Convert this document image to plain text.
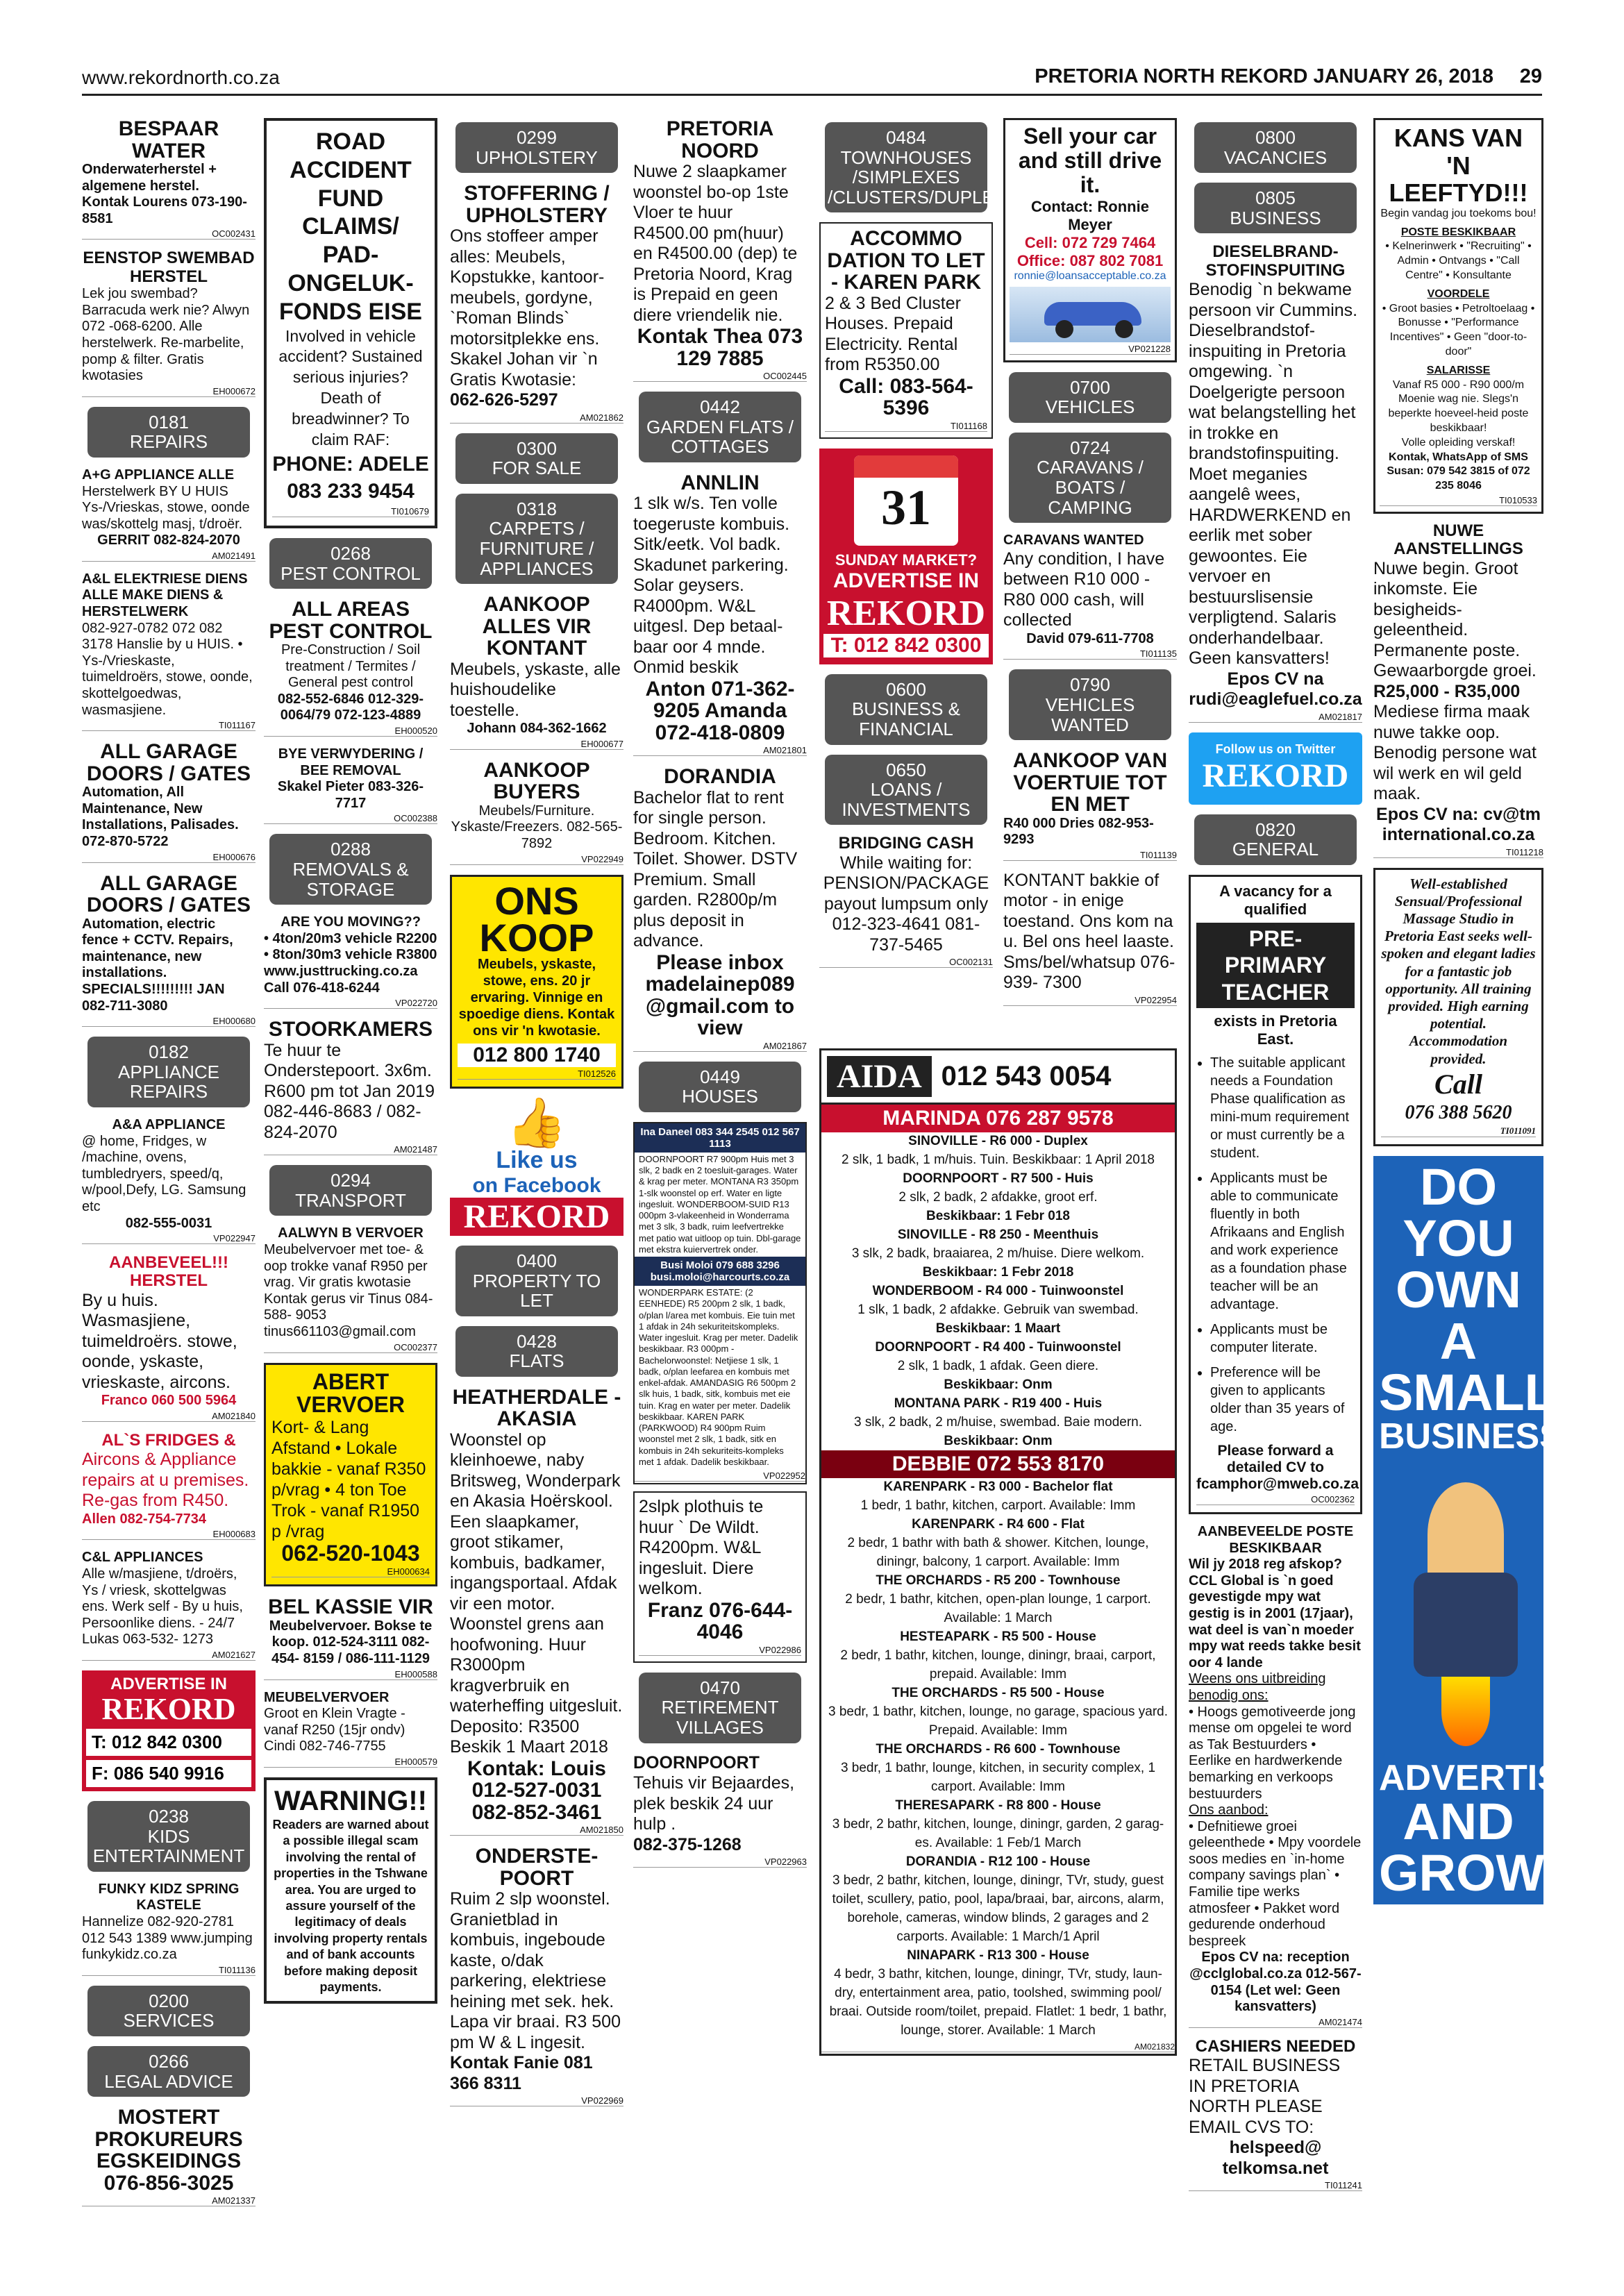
www.rekordnorth.co.za	PRETORIA NORTH REKORD JANUARY 26, 2018 29
BESPAAR WATER

Onderwaterherstel + algemene herstel.

Kontak Lourens 073-190-8581

OC002431
EENSTOP SWEMBAD HERSTEL

Lek jou swembad? Barracuda werk nie? Alwyn 072 -068-6200. Alle herstelwerk. Re-marbelite, pomp & filter. Gratis kwotasies

EH000672
0181
REPAIRS

A+G APPLIANCE ALLE

Herstelwerk BY U HUIS Ys-/Vrieskas, stowe, oonde was/skottelg masj, t/droër.

GERRIT 082-824-2070

AM021491

A&L ELEKTRIESE DIENS ALLE MAKE DIENS & HERSTELWERK

082-927-0782 072 082 3178 Hanslie by u HUIS. • Ys-/Vrieskaste, tuimeldroërs, stowe, oonde, skottelgoedwas, wasmasjiene.

TI011167
ALL GARAGE DOORS / GATES

Automation, All Maintenance, New Installations, Palisades. 072-870-5722

EH000676
ALL GARAGE DOORS / GATES

Automation, electric fence + CCTV. Repairs, maintenance, new installations. SPECIALS!!!!!!!!! JAN 082-711-3080

EH000680
0182
APPLIANCE REPAIRS

A&A APPLIANCE

@ home, Fridges, w /machine, ovens, tumbledryers, speed/q, w/pool,Defy, LG. Samsung etc

082-555-0031

VP022947
AANBEVEEL!!! HERSTEL

By u huis. Wasmasjiene, tuimeldroërs. stowe, oonde, yskaste, vrieskaste, aircons.

Franco 060 500 5964

AM021840
AL`S FRIDGES &

Aircons & Appliance repairs at u premises. Re-gas from R450.

Allen 082-754-7734

EH000683

C&L APPLIANCES

Alle w/masjiene, t/droërs, Ys / vriesk, skottelgwas ens. Werk self - By u huis, Persoonlike diens. - 24/7 Lukas 063-532- 1273

AM021627
ADVERTISE IN
REKORD
T: 012 842 0300
F: 086 540 9916
0238
KIDS ENTERTAINMENT

FUNKY KIDZ SPRING KASTELE

Hannelize 082-920-2781 012 543 1389 www.jumping funkykidz.co.za

TI011136
0200
SERVICES
0266
LEGAL ADVICE
MOSTERT PROKUREURS EGSKEIDINGS
076-856-3025
AM021337
ROAD ACCIDENT FUND CLAIMS/ PAD-ONGELUK-FONDS EISE

Involved in vehicle accident? Sustained serious injuries? Death of breadwinner? To claim RAF:

PHONE: ADELE

083 233 9454

TI010679
0268
PEST CONTROL
ALL AREAS PEST CONTROL

Pre-Construction / Soil treatment / Termites / General pest control

082-552-6846 012-329-0064/79 072-123-4889

EH000520

BYE VERWYDERING / BEE REMOVAL

Skakel Pieter 083-326-7717

OC002388
0288
REMOVALS & STORAGE

ARE YOU MOVING??

• 4ton/20m3 vehicle R2200 • 8ton/30m3 vehicle R3800 www.justtrucking.co.za Call 076-418-6244

VP022720
STOORKAMERS

Te huur te Onderstepoort. 3x6m. R600 pm tot Jan 2019 082-446-8683 / 082-824-2070

AM021487
0294
TRANSPORT

AALWYN B VERVOER

Meubelvervoer met toe- & oop trokke vanaf R950 per vrag. Vir gratis kwotasie Kontak gerus vir Tinus 084-588- 9053 tinus661103@gmail.com

OC002377
ABERT VERVOER

Kort- & Lang Afstand • Lokale bakkie - vanaf R350 p/vrag • 4 ton Toe Trok - vanaf R1950 p /vrag

062-520-1043
EH000634
BEL KASSIE VIR

Meubelvervoer. Bokse te koop. 012-524-3111 082-454- 8159 / 086-111-1129

EH000588

MEUBELVERVOER

Groot en Klein Vragte - vanaf R250 (15jr ondv) Cindi 082-746-7755

EH000579
WARNING!!

Readers are warned about a possible illegal scam involving the rental of properties in the Tshwane area. You are urged to assure yourself of the legitimacy of deals involving property rentals and of bank accounts before making deposit payments.

0299
UPHOLSTERY
STOFFERING / UPHOLSTERY

Ons stoffeer amper alles: Meubels, Kopstukke, kantoor-meubels, gordyne, `Roman Blinds` motorsitplekke ens. Skakel Johan vir `n Gratis Kwotasie:

062-626-5297

AM021862
0300
FOR SALE
0318
CARPETS / FURNITURE / APPLIANCES
AANKOOP ALLES VIR KONTANT

Meubels, yskaste, alle huishoudelike toestelle.

Johann 084-362-1662

EH000677
AANKOOP BUYERS

Meubels/Furniture. Yskaste/Freezers. 082-565- 7892

VP022949
ONS KOOP

Meubels, yskaste, stowe, ens. 20 jr ervaring. Vinnige en spoedige diens. Kontak ons vir 'n kwotasie.

012 800 1740
TI012526
👍
Like us
on Facebook
REKORD
0400
PROPERTY TO LET
0428
FLATS
HEATHERDALE - AKASIA

Woonstel op kleinhoewe, naby Britsweg, Wonderpark en Akasia Hoërskool. Een slaapkamer, groot stikamer, kombuis, badkamer, ingangsportaal. Afdak vir een motor. Woonstel grens aan hoofwoning. Huur R3000pm kragverbruik en waterheffing uitgesluit. Deposito: R3500 Beskik 1 Maart 2018

Kontak: Louis 012-527-0031 082-852-3461
AM021850
ONDERSTE-POORT

Ruim 2 slp woonstel. Granietblad in kombuis, ingeboude kaste, o/dak parkering, elektriese heining met sek. hek. Lapa vir braai. R3 500 pm W & L ingesit.

Kontak Fanie 081 366 8311

VP022969
PRETORIA NOORD

Nuwe 2 slaapkamer woonstel bo-op 1ste Vloer te huur R4500.00 pm(huur) en R4500.00 (dep) te Pretoria Noord, Krag is Prepaid en geen diere vriendelik nie.

Kontak Thea 073 129 7885
OC002445
0442
GARDEN FLATS / COTTAGES
ANNLIN

1 slk w/s. Ten volle toegeruste kombuis. Sitk/eetk. Vol badk. Skadunet parkering. Solar geysers. R4000pm. W&L uitgesl. Dep betaal-baar oor 4 mnde. Onmid beskik

Anton 071-362-9205 Amanda 072-418-0809
AM021801
DORANDIA

Bachelor flat to rent for single person. Bedroom. Kitchen. Toilet. Shower. DSTV Premium. Small garden. R2800p/m plus deposit in advance.

Please inbox madelainep089 @gmail.com to view
AM021867
0449
HOUSES
Ina Daneel 083 344 2545 012 567 1113

DOORNPOORT R7 900pm Huis met 3 slk, 2 badk en 2 toesluit-garages. Water & krag per meter. MONTANA R3 350pm 1-slk woonstel op erf. Water en ligte ingesluit. WONDERBOOM-SUID R13 000pm 3-vlakeenheid in Wonderrama met 3 slk, 3 badk, ruim leefvertrekke met patio wat uitloop op tuin. Dbl-garage met ekstra kuiervertrek onder.

Busi Moloi 079 688 3296 busi.moloi@harcourts.co.za

WONDERPARK ESTATE: (2 EENHEDE) R5 200pm 2 slk, 1 badk, o/plan l/area met kombuis. Eie tuin met 1 afdak in 24h sekuriteitskompleks. Water ingesluit. Krag per meter. Dadelik beskikbaar. R3 000pm - Bachelorwoonstel: Netjiese 1 slk, 1 badk, o/plan leefarea en kombuis met enkel-afdak. AMANDASIG R6 500pm 2 slk huis, 1 badk, sitk, kombuis met eie tuin. Krag en water per meter. Dadelik beskikbaar. KAREN PARK (PARKWOOD) R4 900pm Ruim woonstel met 2 slk, 1 badk, sitk en kombuis in 24h sekuriteits-kompleks met 1 afdak. Dadelik beskikbaar.

VP022952

2slpk plothuis te huur ` De Wildt. R4200pm. W&L ingesluit. Diere welkom.

Franz 076-644-4046
VP022986
0470
RETIREMENT VILLAGES

DOORNPOORT

Tehuis vir Bejaardes, plek beskik 24 uur hulp .

082-375-1268

VP022963
0484
TOWNHOUSES /SIMPLEXES /CLUSTERS/DUPLEXES
ACCOMMO DATION TO LET - KAREN PARK

2 & 3 Bed Cluster Houses. Prepaid Electricity. Rental from R5350.00

Call: 083-564-5396
TI011168
31
SUNDAY MARKET?
ADVERTISE IN
REKORD
T: 012 842 0300
0600
BUSINESS & FINANCIAL
0650
LOANS / INVESTMENTS
BRIDGING CASH

While waiting for: PENSION/PACKAGE payout lumpsum only 012-323-4641 081-737-5465

OC002131
AIDA 012 543 0054
MARINDA 076 287 9578
SINOVILLE - R6 000 - Duplex
2 slk, 1 badk, 1 m/huis. Tuin. Beskikbaar: 1 April 2018
DOORNPOORT - R7 500 - Huis
2 slk, 2 badk, 2 afdakke, groot erf.
Beskikbaar: 1 Febr 018
SINOVILLE - R8 250 - Meenthuis
3 slk, 2 badk, braaiarea, 2 m/huise. Diere welkom.
Beskikbaar: 1 Febr 2018
WONDERBOOM - R4 000 - Tuinwoonstel
1 slk, 1 badk, 2 afdakke. Gebruik van swembad.
Beskikbaar: 1 Maart
DOORNPOORT - R4 400 - Tuinwoonstel
2 slk, 1 badk, 1 afdak. Geen diere.
Beskikbaar: Onm
MONTANA PARK - R19 400 - Huis
3 slk, 2 badk, 2 m/huise, swembad. Baie modern.
Beskikbaar: Onm
DEBBIE 072 553 8170
KARENPARK - R3 000 - Bachelor flat
1 bedr, 1 bathr, kitchen, carport. Available: Imm
KARENPARK - R4 600 - Flat
2 bedr, 1 bathr with bath & shower. Kitchen, lounge, diningr, balcony, 1 carport. Available: Imm
THE ORCHARDS - R5 200 - Townhouse
2 bedr, 1 bathr, kitchen, open-plan lounge, 1 carport. Available: 1 March
HESTEAPARK - R5 500 - House
2 bedr, 1 bathr, kitchen, lounge, diningr, braai, carport, prepaid. Available: Imm
THE ORCHARDS - R5 500 - House
3 bedr, 1 bathr, kitchen, lounge, no garage, spacious yard. Prepaid. Available: Imm
THE ORCHARDS - R6 600 - Townhouse
3 bedr, 1 bathr, lounge, kitchen, in security complex, 1 carport. Available: Imm
THERESAPARK - R8 800 - House
3 bedr, 2 bathr, kitchen, lounge, diningr, garden, 2 garag-es. Available: 1 Feb/1 March
DORANDIA - R12 100 - House
3 bedr, 2 bathr, kitchen, lounge, diningr, TVr, study, guest toilet, scullery, patio, pool, lapa/braai, bar, aircons, alarm, borehole, cameras, window blinds, 2 garages and 2 carports. Available: 1 March/1 April
NINAPARK - R13 300 - House
4 bedr, 3 bathr, kitchen, lounge, diningr, TVr, study, laun-dry, entertainment area, patio, toolshed, swimming pool/ braai. Outside room/toilet, prepaid. Flatlet: 1 bedr, 1 bathr, lounge, storer. Available: 1 March
AM021832
Sell your car and still drive it.
Contact: Ronnie Meyer
Cell: 072 729 7464
Office: 087 802 7081
ronnie@loansacceptable.co.za
VP021228
0700
VEHICLES
0724
CARAVANS / BOATS / CAMPING

CARAVANS WANTED

Any condition, I have between R10 000 - R80 000 cash, will collected

David 079-611-7708

TI011135
0790
VEHICLES WANTED
AANKOOP VAN VOERTUIE TOT EN MET

R40 000 Dries 082-953-9293

TI011139

KONTANT bakkie of motor - in enige toestand. Ons kom na u. Bel ons heel laaste. Sms/bel/whatsup 076-939- 7300

VP022954
0800
VACANCIES
0805
BUSINESS
DIESELBRAND-STOFINSPUITING

Benodig `n bekwame persoon vir Cummins. Dieselbrandstof-inspuiting in Pretoria omgewing. `n Doelgerigte persoon wat belangstelling het in trokke en brandstofinspuiting. Moet meganies aangelê wees, HARDWERKEND en eerlik met sober gewoontes. Eie vervoer en bestuurslisensie verpligtend. Salaris onderhandelbaar. Geen kansvatters!

Epos CV na rudi@eaglefuel.co.za

AM021817
Follow us on Twitter
REKORD
0820
GENERAL
A vacancy for a qualified
PRE-PRIMARY TEACHER
exists in Pretoria East.
• The suitable applicant needs a Foundation Phase qualification as mini-mum requirement or must currently be a student.
• Applicants must be able to communicate fluently in both Afrikaans and English and work experience as a foundation phase teacher will be an advantage.
• Applicants must be computer literate.
• Preference will be given to applicants older than 35 years of age.
Please forward a detailed CV to fcamphor@mweb.co.za
OC002362

AANBEVEELDE POSTE BESKIKBAAR

Wil jy 2018 reg afskop? CCL Global is `n goed gevestigde mpy wat gestig is in 2001 (17jaar), wat deel is van`n moeder mpy wat reeds takke besit oor 4 lande

Weens ons uitbreiding benodig ons:

• Hoogs gemotiveerde jong mense om opgelei te word as Tak Bestuurders • Eerlike en hardwerkende bemarking en verkoops bestuurders

Ons aanbod:

• Defnitiewe groei geleenthede • Mpy voordele soos medies en `in-home company savings plan` • Familie tipe werks atmosfeer • Pakket word gedurende onderhoud bespreek

Epos CV na: reception @cclglobal.co.za 012-567-0154 (Let wel: Geen kansvatters)

AM021474
CASHIERS NEEDED

RETAIL BUSINESS IN PRETORIA NORTH PLEASE EMAIL CVS TO:

helspeed@ telkomsa.net

TI011241
KANS VAN 'N LEEFTYD!!!

Begin vandag jou toekoms bou!

POSTE BESKIKBAAR

• Kelnerinwerk • "Recruiting" • Admin • Ontvangs • "Call Centre" • Konsultante

VOORDELE

• Groot basies • Petroltoelaag • Bonusse • "Performance Incentives" • Geen "door-to-door"

SALARISSE

Vanaf R5 000 - R90 000/m

Moenie wag nie. Slegs'n beperkte hoeveel-heid poste beskikbaar!

Volle opleiding verskaf!

Kontak, WhatsApp of SMS Susan: 079 542 3815 of 072 235 8046

TI010533
NUWE AANSTELLINGS

Nuwe begin. Groot inkomste. Eie besigheids-geleentheid. Permanente poste. Gewaarborgde groei.

R25,000 - R35,000

Mediese firma maak nuwe takke oop. Benodig persone wat wil werk en wil geld maak.

Epos CV na: cv@tm international.co.za

TI011218

Well-established Sensual/Professional Massage Studio in Pretoria East seeks well-spoken and elegant ladies for a fantastic job opportunity. All training provided. High earning potential. Accommodation provided.

Call

076 388 5620

TI011091
DO YOU OWN A SMALL
BUSINESS?
ADVERTISE
AND GROW!
